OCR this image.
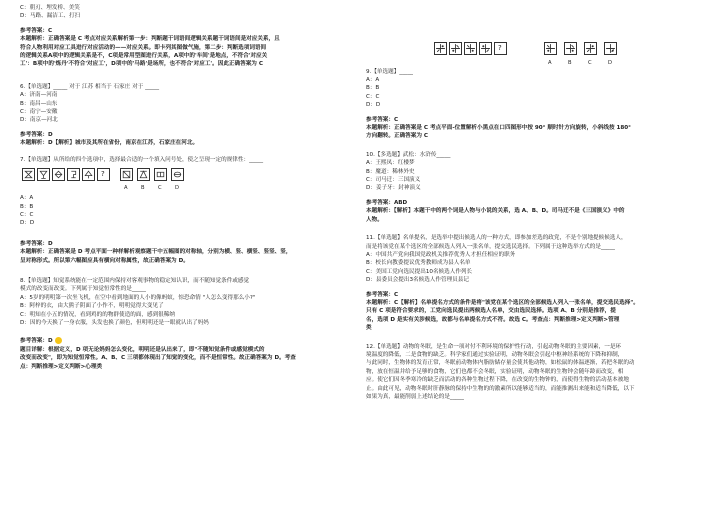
C：朝刃、埋发桥、美笑
D：马路、漏洁工、打扫
参考答案：C
本题解析：正确答案是 C 考点对应关系解析第一步：判断题干词语间逻辑关系题干词语间是对应关系，且
符合人物利用对应工具进行对应活动的——对应关系。即卡列其图做气施，第二步：判断选项词语间
的逻辑关系A项中的逻辑关系是不，C项是常用型图进行关系，A项中的'车间'是地点，不符合'对应关
工'：B项中的'炼丹'不符合'对应工'，D项中的'马路'是场所，也不符合'对应工'。因此正确答案为 C
6.【单选题】_____ 对于 江苏 相当于 石家庄 对于 _____
A：济南—河南
B：南昌—山东
C：南宁—安徽
D：南京—河北
参考答案：D
本题解析：D【解析】城市及其所在省份，南京在江苏，石家庄在河北。
7.【单选题】从所给的四个选项中，选择最合适的一个填入问号处，使之呈现一定的规律性：_____
?
A	B	C	D
A：A
B：B
C：C
D：D
参考答案：D
本题解析：正确答案是 D 考点平面一种样解析观察题干中五幅图的对称轴，分别为横、竖、横竖、竖竖、竖，
呈对称形式。所以第六幅图应具有横向对称属性，故正确答案为 D。
8.【单选题】知觉系统能在一定范围内保持对客观事物的稳定知认识，而不随知觉条件或感觉
模式的改变而改变。下列属于知觉恒常性的是_____
A：5岁的明明第一次坐飞机，在空中看到地面的人小的像蚂蚁，惊恐命情 "人怎么变得那么小?"
B：阿梓的衣，由大熊子阴面了小作不，明明觉得大变见了
C：明知在小五的情况，看到鸡的的物群使造的面，感到很稀纳
D：因的今天换了一身衣服，头发也换了颜色，但明明还是一眼就认出了妈妈
参考答案：D
题目详解：根据定义，D 项无论妈妈怎么变化，明明还是认出来了，即"不随知觉条件或感觉模式的
改变而改变"，即为知觉恒常性。A、B、C 三项都体现出了知觉的变化，而不是恒常性。故正确答案为 D。考查
点：判断推理>定义判断>心理类
?
A	B	C	D
9.【单选题】_____
A：A
B：B
C：C
D：D
参考答案：C
本题解析：正确答案是 C 考点平面-位置解析小黑点在口四图形中按 90° 顺时针方向旋转，小斜线按 180°
方向翻转。正确答案为 C
10.【多选题】武松：水浒传_____
A：王熙凤：红楼梦
B：魔道：稀林外史
C：司马迁：三国演义
D：姜子牙：封神演义
参考答案：ABD
本题解析：【解析】本题干中的两个词是人物与小说的关系，选 A、B、D。司马迁不是《三国演义》中的
人物。
11.【单选题】名单提名，是选举中提出候选人的一种方式，即参加差选的政党，不是个别地提候候选人，
而是将该党在某个选区的全部候选人列入一张名单，提交选民选择。下列属于这种选举方式的是_____
A：中国共产党向我国党政机关推荐优秀人才担任相应的职务
B：校长向教委提议优秀教师成为县人名单
C：美国工党向选民提出10名候选人作列长
D：县委员会提出3名候选人作管理员县记
参考答案：C
本题解析：C【解析】名单提名方式的条件是将"该党在某个选区的全部候选人列入一张名单，提交选民选择"。
只有 C 项是符合要求的，工党向选民提出两候选人名单，交由选民选择。选项 A、B 分别是推荐，提
名，选项 D 是实有关涉候选，故都与名单提名方式不符。故选 C。考查点：判断推理>定义判断>管理
类
12.【单选题】动物的冬眠，是生命一项对付不利环境的保护性行动，引起动物冬眠的主要因素，一是环
境温度的降低，二是食物的缺乏。科学家们通过实验证明，动物冬眠会引起中枢神经系统的下降和抑制，
与此同时，生物体的发育正常，冬眠前动物体内脂肪储存量会使其他动物，如松鼠的体温逐渐，若把冬眠的动
物，放在恒温并给予足够的食物，它们也都不会冬眠，实验证明，动物冬眠的生物钟会随年龄而改变，相
应。使它们因冬季寒冷的缺乏而活动的各种生物过程下降，在改变的生物钟的，而使得生物的活动基本被地
止。由此可见，动物冬眠时肝静脉的保持中生物的的激素所以能够适当的，而能推测出来能和适当降低，以下
如果为真，最能削弱上述结论的是_____
